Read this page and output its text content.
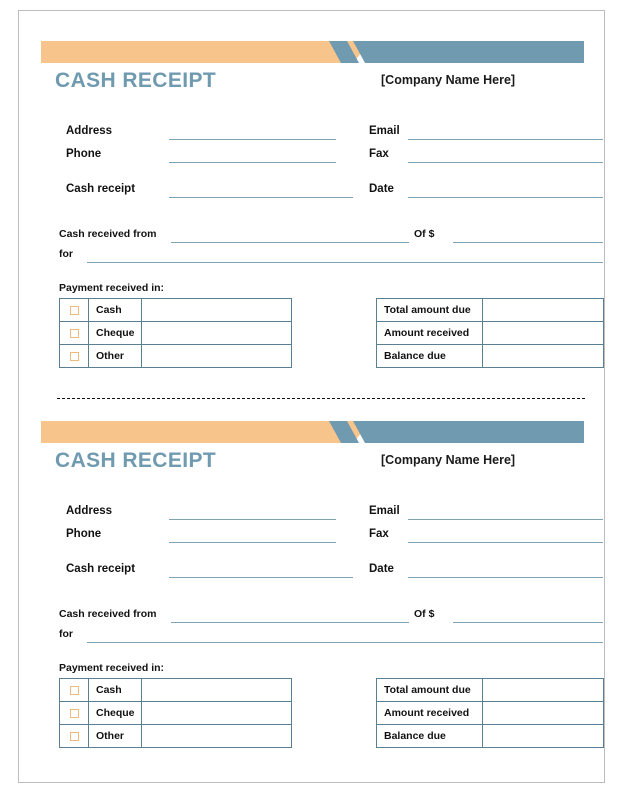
CASH RECEIPT	[Company Name Here]
Address	Email
Phone	Fax
Cash receipt	Date
Cash received from	Of $
for
Payment received in:
	Cash	
	Cheque	
	Other	
Total amount due	
Amount received	
Balance due	
CASH RECEIPT	[Company Name Here]
Address	Email
Phone	Fax
Cash receipt	Date
Cash received from	Of $
for
Payment received in:
	Cash	
	Cheque	
	Other	
Total amount due	
Amount received	
Balance due	
